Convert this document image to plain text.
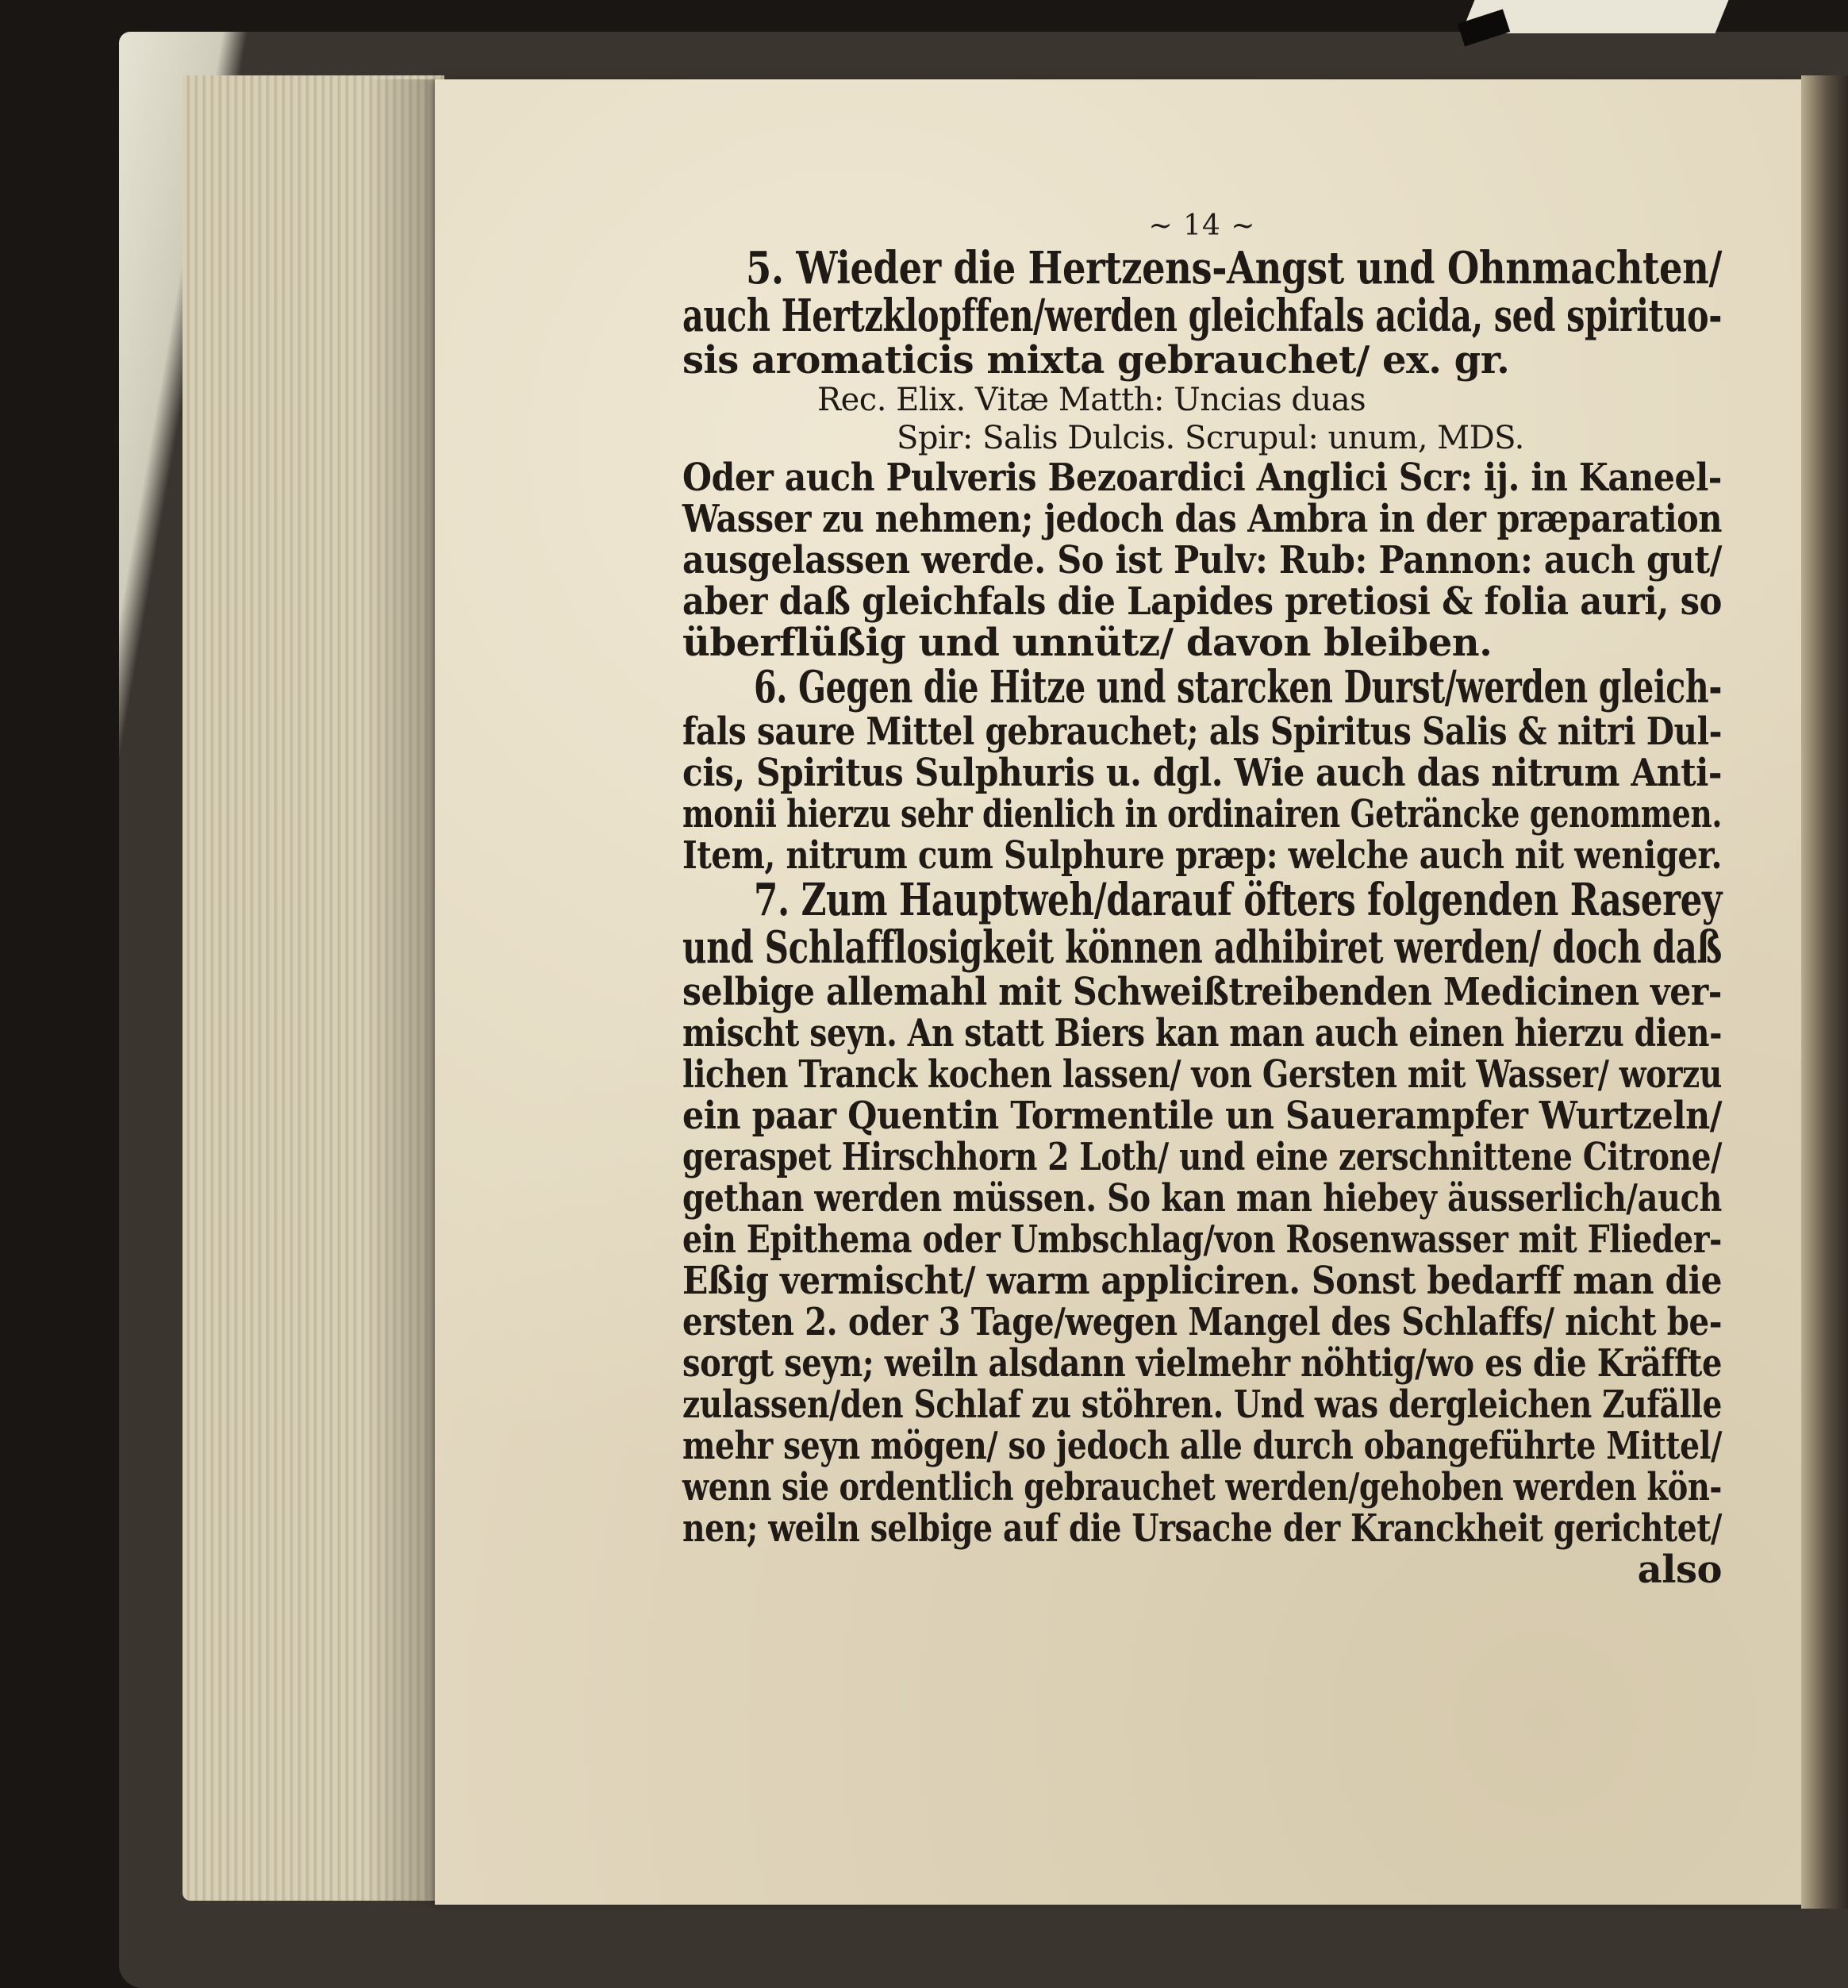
~ 14 ~
5. Wieder die Hertzens-Angst und Ohnmachten/
auch Hertzklopffen/werden gleichfals acida, sed spirituo-
sis aromaticis mixta gebrauchet/ ex. gr.
Rec. Elix. Vitæ Matth: Uncias duas
Spir: Salis Dulcis. Scrupul: unum, MDS.
Oder auch Pulveris Bezoardici Anglici Scr: ij. in Kaneel-
Wasser zu nehmen; jedoch das Ambra in der præparation
ausgelassen werde. So ist Pulv: Rub: Pannon: auch gut/
aber daß gleichfals die Lapides pretiosi & folia auri, so
überflüßig und unnütz/ davon bleiben.
6. Gegen die Hitze und starcken Durst/werden gleich-
fals saure Mittel gebrauchet; als Spiritus Salis & nitri Dul-
cis, Spiritus Sulphuris u. dgl. Wie auch das nitrum Anti-
monii hierzu sehr dienlich in ordinairen Geträncke genommen.
Item, nitrum cum Sulphure præp: welche auch nit weniger.
7. Zum Hauptweh/darauf öfters folgenden Raserey
und Schlafflosigkeit können adhibiret werden/ doch daß
selbige allemahl mit Schweißtreibenden Medicinen ver-
mischt seyn. An statt Biers kan man auch einen hierzu dien-
lichen Tranck kochen lassen/ von Gersten mit Wasser/ worzu
ein paar Quentin Tormentile un Sauerampfer Wurtzeln/
geraspet Hirschhorn 2 Loth/ und eine zerschnittene Citrone/
gethan werden müssen. So kan man hiebey äusserlich/auch
ein Epithema oder Umbschlag/von Rosenwasser mit Flieder-
Eßig vermischt/ warm appliciren. Sonst bedarff man die
ersten 2. oder 3 Tage/wegen Mangel des Schlaffs/ nicht be-
sorgt seyn; weiln alsdann vielmehr nöhtig/wo es die Kräffte
zulassen/den Schlaf zu stöhren. Und was dergleichen Zufälle
mehr seyn mögen/ so jedoch alle durch obangeführte Mittel/
wenn sie ordentlich gebrauchet werden/gehoben werden kön-
nen; weiln selbige auf die Ursache der Kranckheit gerichtet/
also
